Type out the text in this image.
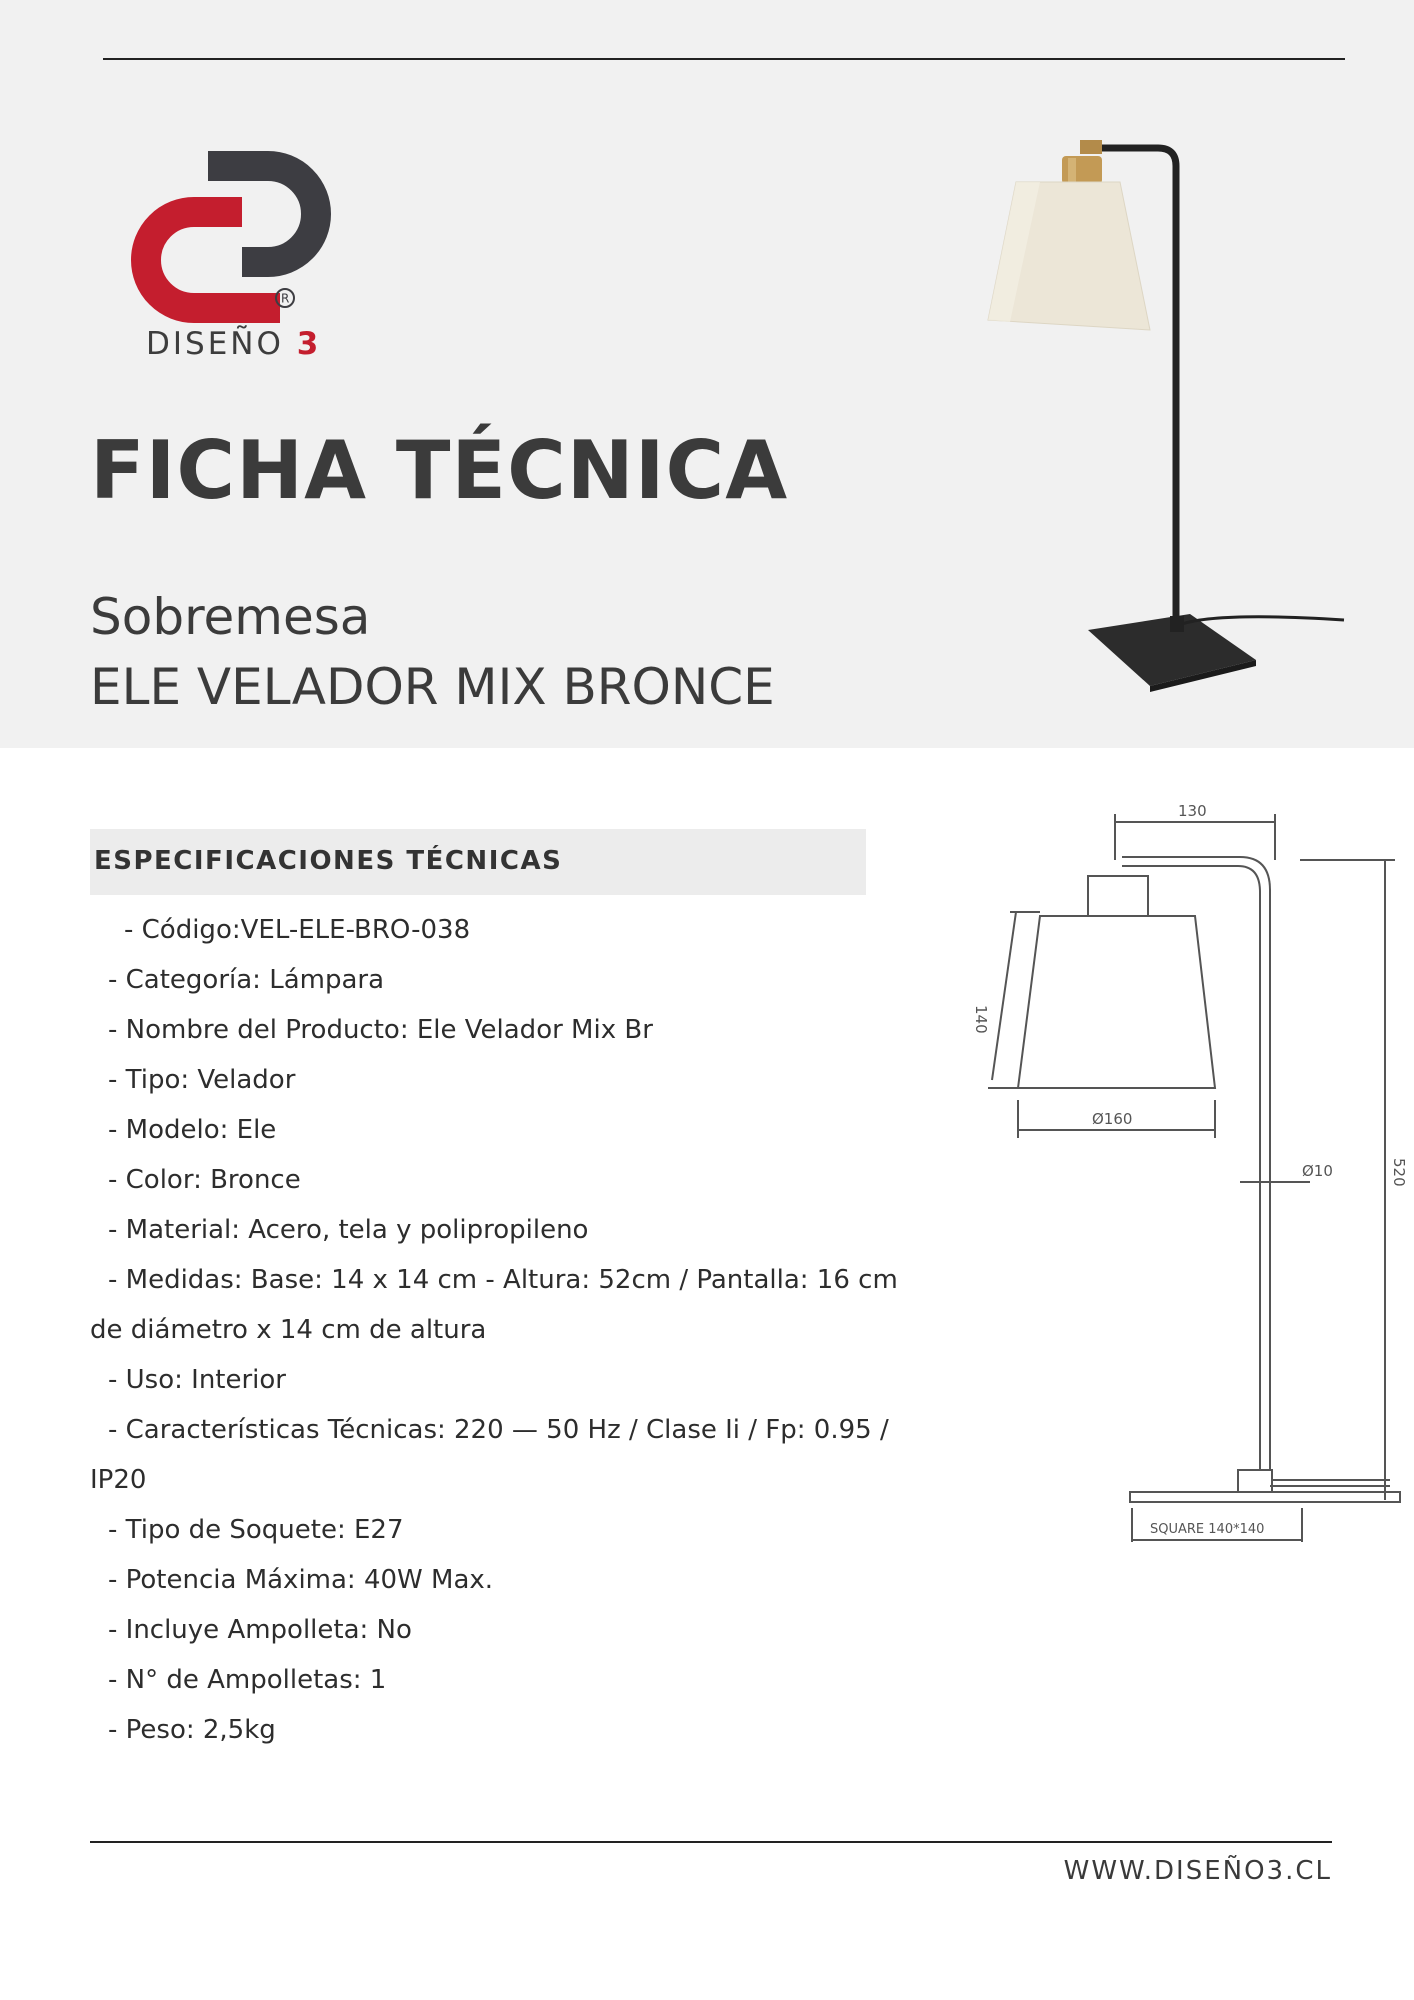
R
DISEÑO 3
FICHA TÉCNICA
Sobremesa
ELE VELADOR MIX BRONCE
ESPECIFICACIONES TÉCNICAS
- Código:VEL-ELE-BRO-038
- Categoría: Lámpara
- Nombre del Producto: Ele Velador Mix Br
- Tipo: Velador
- Modelo: Ele
- Color: Bronce
- Material: Acero, tela y polipropileno
- Medidas: Base: 14 x 14 cm - Altura: 52cm / Pantalla: 16 cm de diámetro x 14 cm de altura
- Uso: Interior
- Características Técnicas: 220 — 50 Hz / Clase Ii / Fp: 0.95 / IP20
- Tipo de Soquete: E27
- Potencia Máxima: 40W Max.
- Incluye Ampolleta: No
- N° de Ampolletas: 1
- Peso: 2,5kg
130
140
Ø160
Ø10	520
SQUARE 140*140
WWW.DISEÑO3.CL
